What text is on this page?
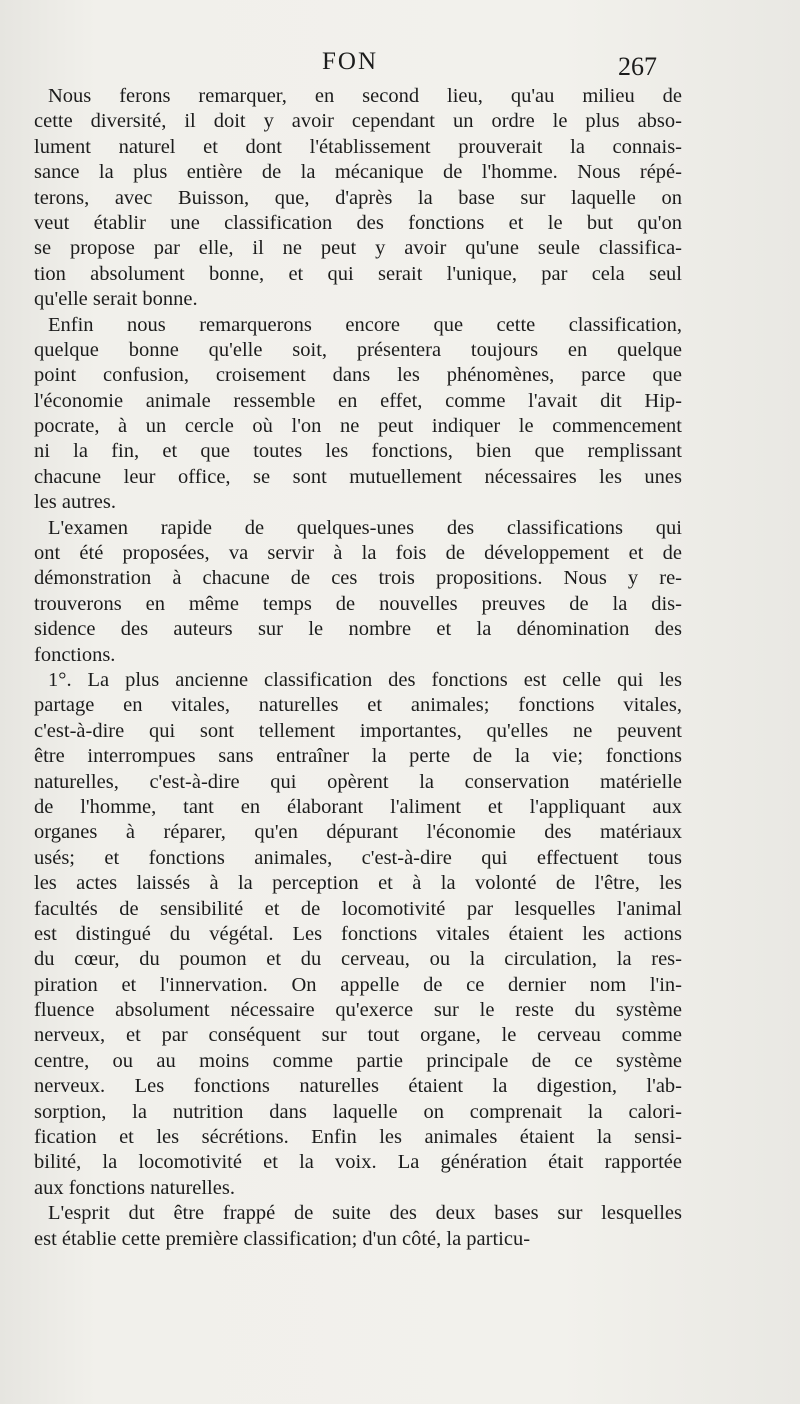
FON	267
Nous ferons remarquer, en second lieu, qu'au milieu de
cette diversité, il doit y avoir cependant un ordre le plus abso-
lument naturel et dont l'établissement prouverait la connais-
sance la plus entière de la mécanique de l'homme. Nous répé-
terons, avec Buisson, que, d'après la base sur laquelle on
veut établir une classification des fonctions et le but qu'on
se propose par elle, il ne peut y avoir qu'une seule classifica-
tion absolument bonne, et qui serait l'unique, par cela seul
qu'elle serait bonne.
Enfin nous remarquerons encore que cette classification,
quelque bonne qu'elle soit, présentera toujours en quelque
point confusion, croisement dans les phénomènes, parce que
l'économie animale ressemble en effet, comme l'avait dit Hip-
pocrate, à un cercle où l'on ne peut indiquer le commencement
ni la fin, et que toutes les fonctions, bien que remplissant
chacune leur office, se sont mutuellement nécessaires les unes
les autres.
L'examen rapide de quelques-unes des classifications qui
ont été proposées, va servir à la fois de développement et de
démonstration à chacune de ces trois propositions. Nous y re-
trouverons en même temps de nouvelles preuves de la dis-
sidence des auteurs sur le nombre et la dénomination des
fonctions.
1°. La plus ancienne classification des fonctions est celle qui les
partage en vitales, naturelles et animales; fonctions vitales,
c'est-à-dire qui sont tellement importantes, qu'elles ne peuvent
être interrompues sans entraîner la perte de la vie; fonctions
naturelles, c'est-à-dire qui opèrent la conservation matérielle
de l'homme, tant en élaborant l'aliment et l'appliquant aux
organes à réparer, qu'en dépurant l'économie des matériaux
usés; et fonctions animales, c'est-à-dire qui effectuent tous
les actes laissés à la perception et à la volonté de l'être, les
facultés de sensibilité et de locomotivité par lesquelles l'animal
est distingué du végétal. Les fonctions vitales étaient les actions
du cœur, du poumon et du cerveau, ou la circulation, la res-
piration et l'innervation. On appelle de ce dernier nom l'in-
fluence absolument nécessaire qu'exerce sur le reste du système
nerveux, et par conséquent sur tout organe, le cerveau comme
centre, ou au moins comme partie principale de ce système
nerveux. Les fonctions naturelles étaient la digestion, l'ab-
sorption, la nutrition dans laquelle on comprenait la calori-
fication et les sécrétions. Enfin les animales étaient la sensi-
bilité, la locomotivité et la voix. La génération était rapportée
aux fonctions naturelles.
L'esprit dut être frappé de suite des deux bases sur lesquelles
est établie cette première classification; d'un côté, la particu-
